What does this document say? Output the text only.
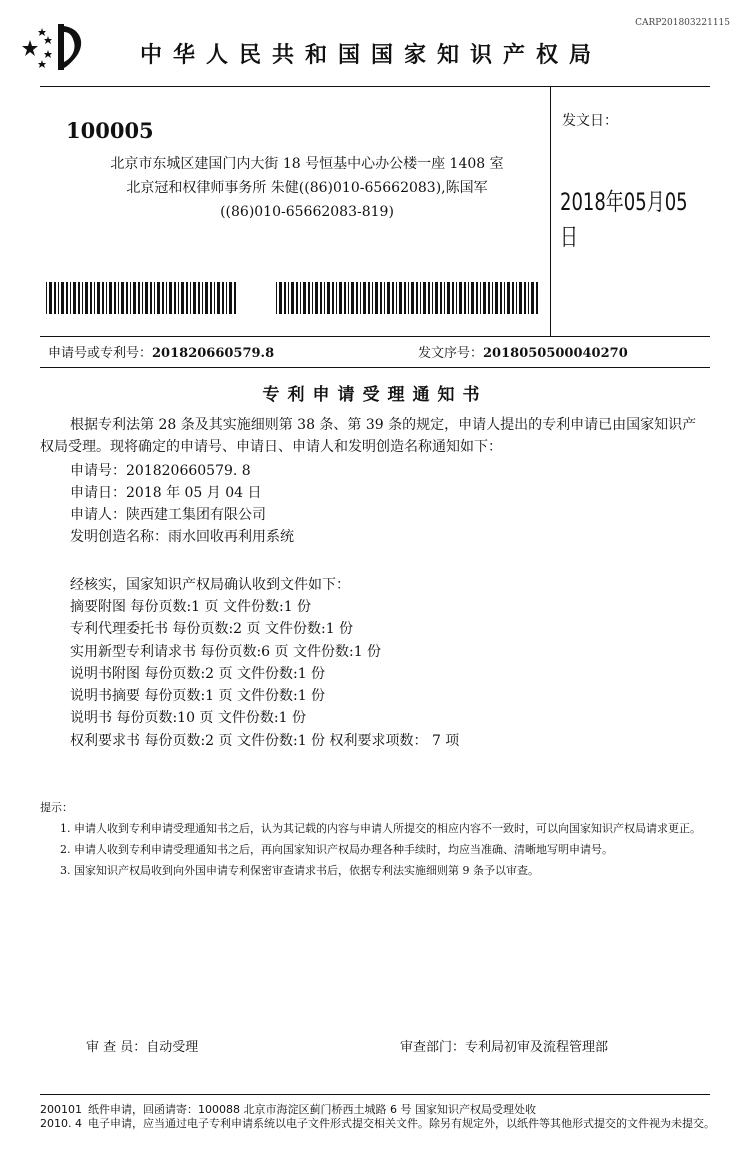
CARP201803221115
中华人民共和国国家知识产权局
100005
北京市东城区建国门内大街 18 号恒基中心办公楼一座 1408 室
北京冠和权律师事务所 朱健((86)010-65662083),陈国军
((86)010-65662083-819)
发文日：
2018年05月05日
申请号或专利号：201820660579.8	发文序号：2018050500040270
专利申请受理通知书
根据专利法第 28 条及其实施细则第 38 条、第 39 条的规定，申请人提出的专利申请已由国家知识产权局受理。现将确定的申请号、申请日、申请人和发明创造名称通知如下：
申请号：201820660579. 8
申请日：2018 年 05 月 04 日
申请人：陕西建工集团有限公司
发明创造名称：雨水回收再利用系统
经核实，国家知识产权局确认收到文件如下：
摘要附图 每份页数:1 页 文件份数:1 份
专利代理委托书 每份页数:2 页 文件份数:1 份
实用新型专利请求书 每份页数:6 页 文件份数:1 份
说明书附图 每份页数:2 页 文件份数:1 份
说明书摘要 每份页数:1 页 文件份数:1 份
说明书 每份页数:10 页 文件份数:1 份
权利要求书 每份页数:2 页 文件份数:1 份 权利要求项数： 7 项
提示：
1. 申请人收到专利申请受理通知书之后，认为其记载的内容与申请人所提交的相应内容不一致时，可以向国家知识产权局请求更正。
2. 申请人收到专利申请受理通知书之后，再向国家知识产权局办理各种手续时，均应当准确、清晰地写明申请号。
3. 国家知识产权局收到向外国申请专利保密审查请求书后，依据专利法实施细则第 9 条予以审查。
审 查 员：自动受理	审查部门：专利局初审及流程管理部
200101 纸件申请，回函请寄：100088 北京市海淀区蓟门桥西土城路 6 号 国家知识产权局受理处收
2010. 4 电子申请，应当通过电子专利申请系统以电子文件形式提交相关文件。除另有规定外，以纸件等其他形式提交的文件视为未提交。
